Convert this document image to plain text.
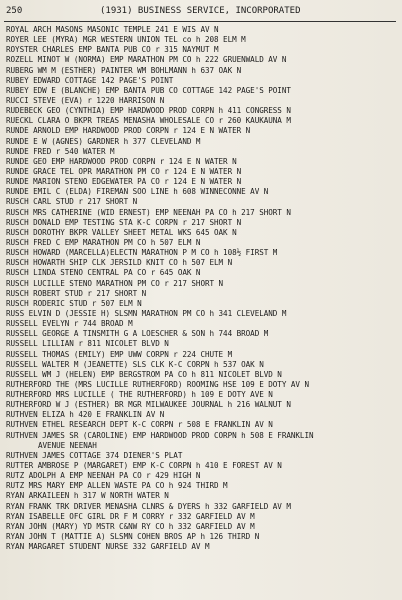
250	(1931) BUSINESS SERVICE, INCORPORATED
ROYAL ARCH MASONS MASONIC TEMPLE 241 E WIS AV N
ROYER LEE (MYRA) MGR WESTERN UNION TEL co h 208 ELM M
ROYSTER CHARLES EMP BANTA PUB CO r 315 NAYMUT M
ROZELL MINOT W (NORMA) EMP MARATHON PM CO h 222 GRUENWALD AV N
RUBERG WM M (ESTHER) PAINTER WM BOHLMANN h 637 OAK N
RUBEY EDWARD COTTAGE 142 PAGE'S POINT
RUBEY EDW E (BLANCHE) EMP BANTA PUB CO COTTAGE 142 PAGE'S POINT
RUCCI STEVE (EVA) r 1220 HARRISON N
RUDEBECK GEO (CYNTHIA) EMP HARDWOOD PROD CORPN h 411 CONGRESS N
RUECKL CLARA O BKPR TREAS MENASHA WHOLESALE CO r 260 KAUKAUNA M
RUNDE ARNOLD EMP HARDWOOD PROD CORPN r 124 E N WATER N
RUNDE E W (AGNES) GARDNER h 377 CLEVELAND M
RUNDE FRED r 540 WATER M
RUNDE GEO EMP HARDWOOD PROD CORPN r 124 E N WATER N
RUNDE GRACE TEL OPR MARATHON PM CO r 124 E N WATER N
RUNDE MARION STENO EDGEWATER PA CO r 124 E N WATER N
RUNDE EMIL C (ELDA) FIREMAN SOO LINE h 608 WINNECONNE AV N
RUSCH CARL STUD r 217 SHORT N
RUSCH MRS CATHERINE (WID ERNEST) EMP NEENAH PA CO h 217 SHORT N
RUSCH DONALD EMP TESTING STA K-C CORPN r 217 SHORT N
RUSCH DOROTHY BKPR VALLEY SHEET METAL WKS 645 OAK N
RUSCH FRED C EMP MARATHON PM CO h 507 ELM N
RUSCH HOWARD (MARCELLA)ELECTN MARATHON P M CO h 108½ FIRST M
RUSCH HOWARTH SHIP CLK JERSILD KNIT CO h 507 ELM N
RUSCH LINDA STENO CENTRAL PA CO r 645 OAK N
RUSCH LUCILLE STENO MARATHON PM CO r 217 SHORT N
RUSCH ROBERT STUD r 217 SHORT N
RUSCH RODERIC STUD r 507 ELM N
RUSS ELVIN D (JESSIE H) SLSMN MARATHON PM CO h 341 CLEVELAND M
RUSSELL EVELYN r 744 BROAD M
RUSSELL GEORGE A TINSMITH G A LOESCHER & SON h 744 BROAD M
RUSSELL LILLIAN r 811 NICOLET BLVD N
RUSSELL THOMAS (EMILY) EMP UWW CORPN r 224 CHUTE M
RUSSELL WALTER M (JEANETTE) SLS CLK K-C CORPN h 537 OAK N
RUSSELL WM J (HELEN) EMP BERGSTROM PA CO h 811 NICOLET BLVD N
RUTHERFORD THE (MRS LUCILLE RUTHERFORD) ROOMING HSE 109 E DOTY AV N
RUTHERFORD MRS LUCILLE ( THE RUTHERFORD) h 109 E DOTY AVE N
RUTHERFORD W J (ESTHER) BR MGR MILWAUKEE JOURNAL h 216 WALNUT N
RUTHVEN ELIZA h 420 E FRANKLIN AV N
RUTHVEN ETHEL RESEARCH DEPT K-C CORPN r 508 E FRANKLIN AV N
RUTHVEN JAMES SR (CAROLINE) EMP HARDWOOD PROD CORPN h 508 E FRANKLIN
AVENUE NEENAH
RUTHVEN JAMES COTTAGE 374 DIENER'S PLAT
RUTTER AMBROSE P (MARGARET) EMP K-C CORPN h 410 E FOREST AV N
RUTZ ADOLPH A EMP NEENAH PA CO r 429 HIGH N
RUTZ MRS MARY EMP ALLEN WASTE PA CO h 924 THIRD M
RYAN ARKAILEEN h 317 W NORTH WATER N
RYAN FRANK TRK DRIVER MENASHA CLNRS & DYERS h 332 GARFIELD AV M
RYAN ISABELLE OFC GIRL DR F M CORRY r 332 GARFIELD AV M
RYAN JOHN (MARY) YD MSTR C&NW RY CO h 332 GARFIELD AV M
RYAN JOHN T (MATTIE A) SLSMN COHEN BROS AP h 126 THIRD N
RYAN MARGARET STUDENT NURSE 332 GARFIELD AV M
